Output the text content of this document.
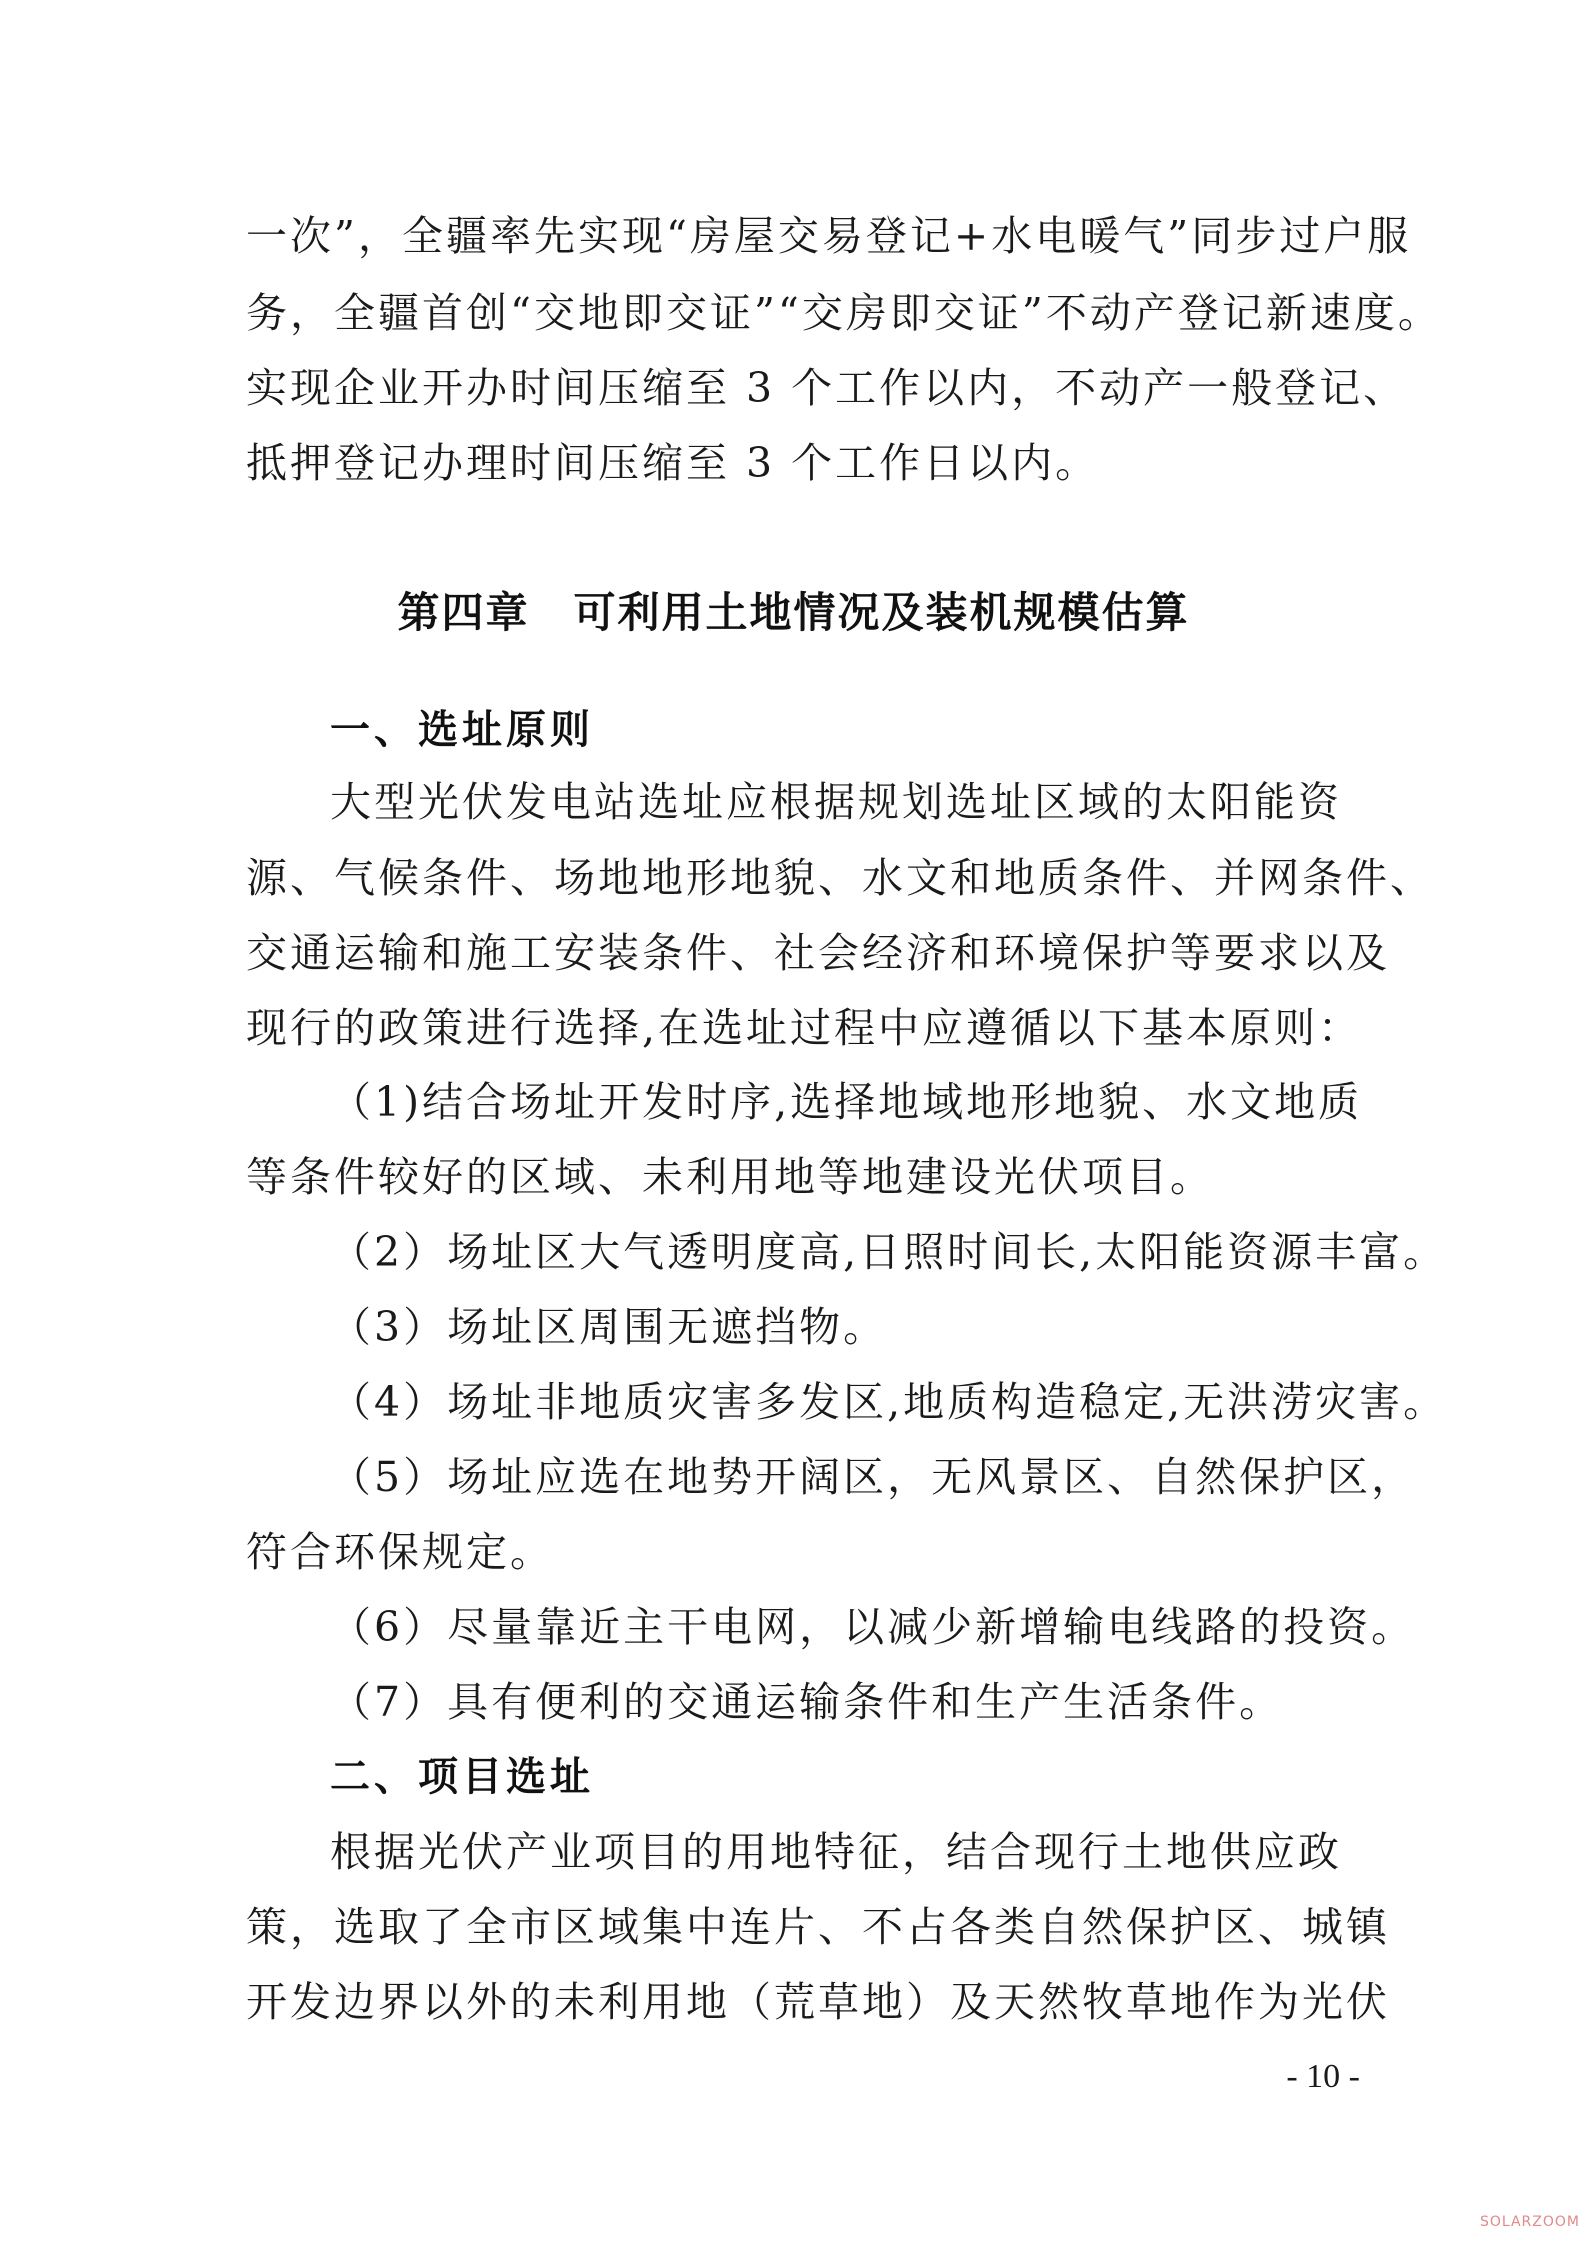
一次”，全疆率先实现“房屋交易登记+水电暖气”同步过户服
务，全疆首创“交地即交证”“交房即交证”不动产登记新速度。
实现企业开办时间压缩至 3 个工作以内，不动产一般登记、
抵押登记办理时间压缩至 3 个工作日以内。
第四章　可利用土地情况及装机规模估算
一、选址原则
大型光伏发电站选址应根据规划选址区域的太阳能资
源、气候条件、场地地形地貌、水文和地质条件、并网条件、
交通运输和施工安装条件、社会经济和环境保护等要求以及
现行的政策进行选择,在选址过程中应遵循以下基本原则：
（1)结合场址开发时序,选择地域地形地貌、水文地质
等条件较好的区域、未利用地等地建设光伏项目。
（2）场址区大气透明度高,日照时间长,太阳能资源丰富。
（3）场址区周围无遮挡物。
（4）场址非地质灾害多发区,地质构造稳定,无洪涝灾害。
（5）场址应选在地势开阔区，无风景区、自然保护区，
符合环保规定。
（6）尽量靠近主干电网，以减少新增输电线路的投资。
（7）具有便利的交通运输条件和生产生活条件。
二、项目选址
根据光伏产业项目的用地特征，结合现行土地供应政
策，选取了全市区域集中连片、不占各类自然保护区、城镇
开发边界以外的未利用地（荒草地）及天然牧草地作为光伏
- 10 -
SOLARZOOM
